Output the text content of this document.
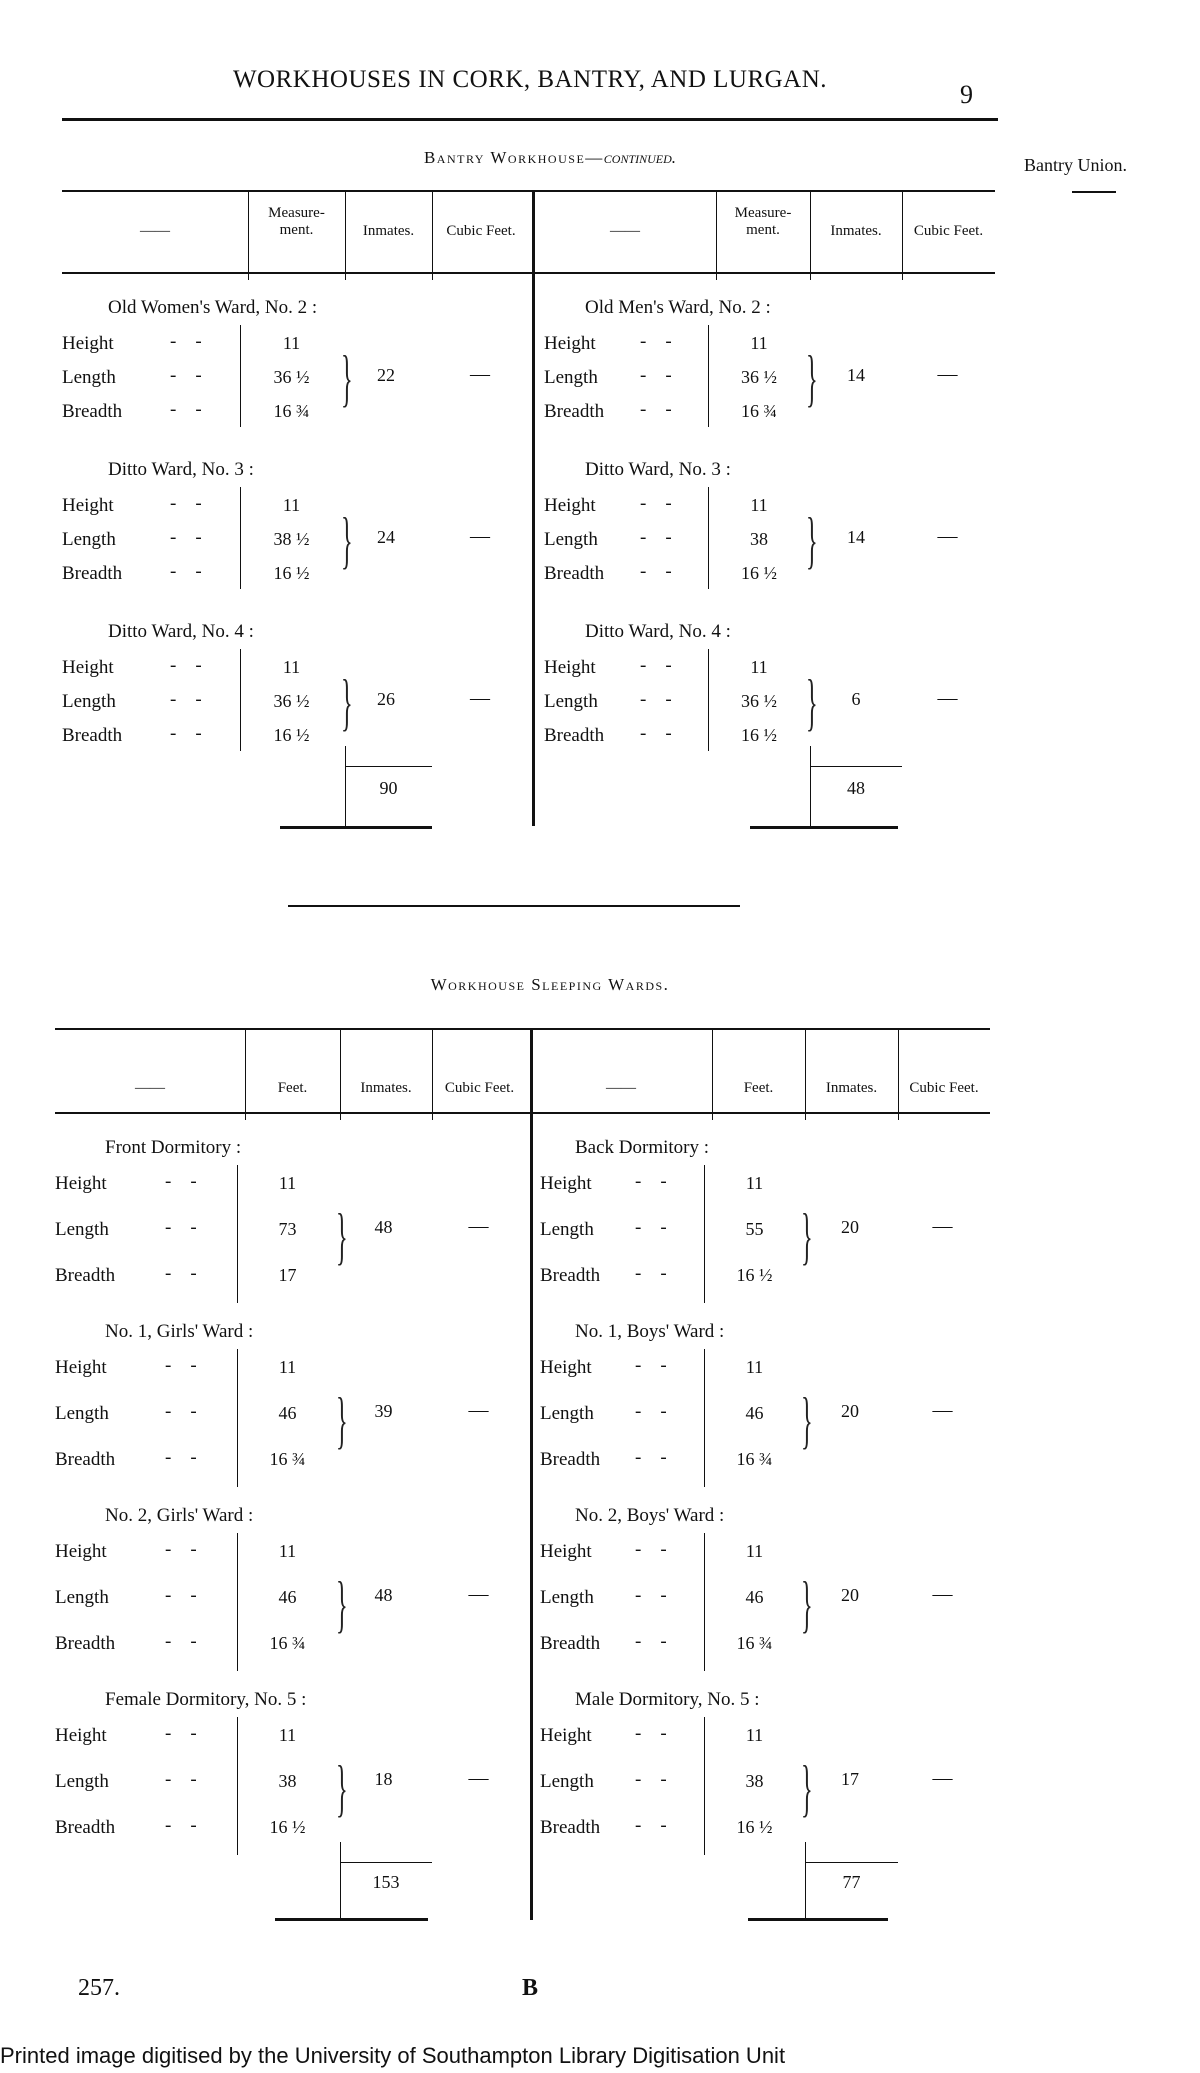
WORKHOUSES IN CORK, BANTRY, AND LURGAN.
9
Bantry Union.
Bantry Workhouse—continued.
——
Measure-ment.	Inmates.	Cubic Feet.
Old Women's Ward, No. 2 :
Height	-    -	11
Length	-    -	36 ½
Breadth	-    -	16 ¾ }	22	—
Ditto Ward, No. 3 :
Height	-    -	11
Length	-    -	38 ½
Breadth	-    -	16 ½ }	24	—
Ditto Ward, No. 4 :
Height	-    -	11
Length	-    -	36 ½
Breadth	-    -	16 ½ }	26	—
90
——
Measure-ment.	Inmates.	Cubic Feet.
Old Men's Ward, No. 2 :
Height -    -	11
Length -    -	36 ½
Breadth -    -	16 ¾ }	14	—
Ditto Ward, No. 3 :
Height -    -	11
Length -    -	38
Breadth -    -	16 ½ }	14	—
Ditto Ward, No. 4 :
Height -    -	11
Length -    -	36 ½
Breadth -    -	16 ½ }	6	—
48
Workhouse Sleeping Wards.
——	Feet.	Inmates.	Cubic Feet.
Front Dormitory :
Height	-    -	11
Length	-    -	73
Breadth	-    -	17
}	48	—
No. 1, Girls' Ward :
Height	-    -	11
Length	-    -	46
Breadth	-    -	16 ¾
}	39	—
No. 2, Girls' Ward :
Height	-    -	11
Length	-    -	46
Breadth	-    -	16 ¾
}	48	—
Female Dormitory, No. 5 :
Height	-    -	11
Length	-    -	38
Breadth	-    -	16 ½
}	18	—
153
——	Feet.	Inmates.	Cubic Feet.
Back Dormitory :
Height -    -	11
Length -    -	55
Breadth -    -	16 ½
}	20	—
No. 1, Boys' Ward :
Height -    -	11
Length -    -	46
Breadth -    -	16 ¾
}	20	—
No. 2, Boys' Ward :
Height -    -	11
Length -    -	46
Breadth -    -	16 ¾
}	20	—
Male Dormitory, No. 5 :
Height -    -	11
Length -    -	38
Breadth -    -	16 ½
}	17	—
77
257.	B
Printed image digitised by the University of Southampton Library Digitisation Unit
